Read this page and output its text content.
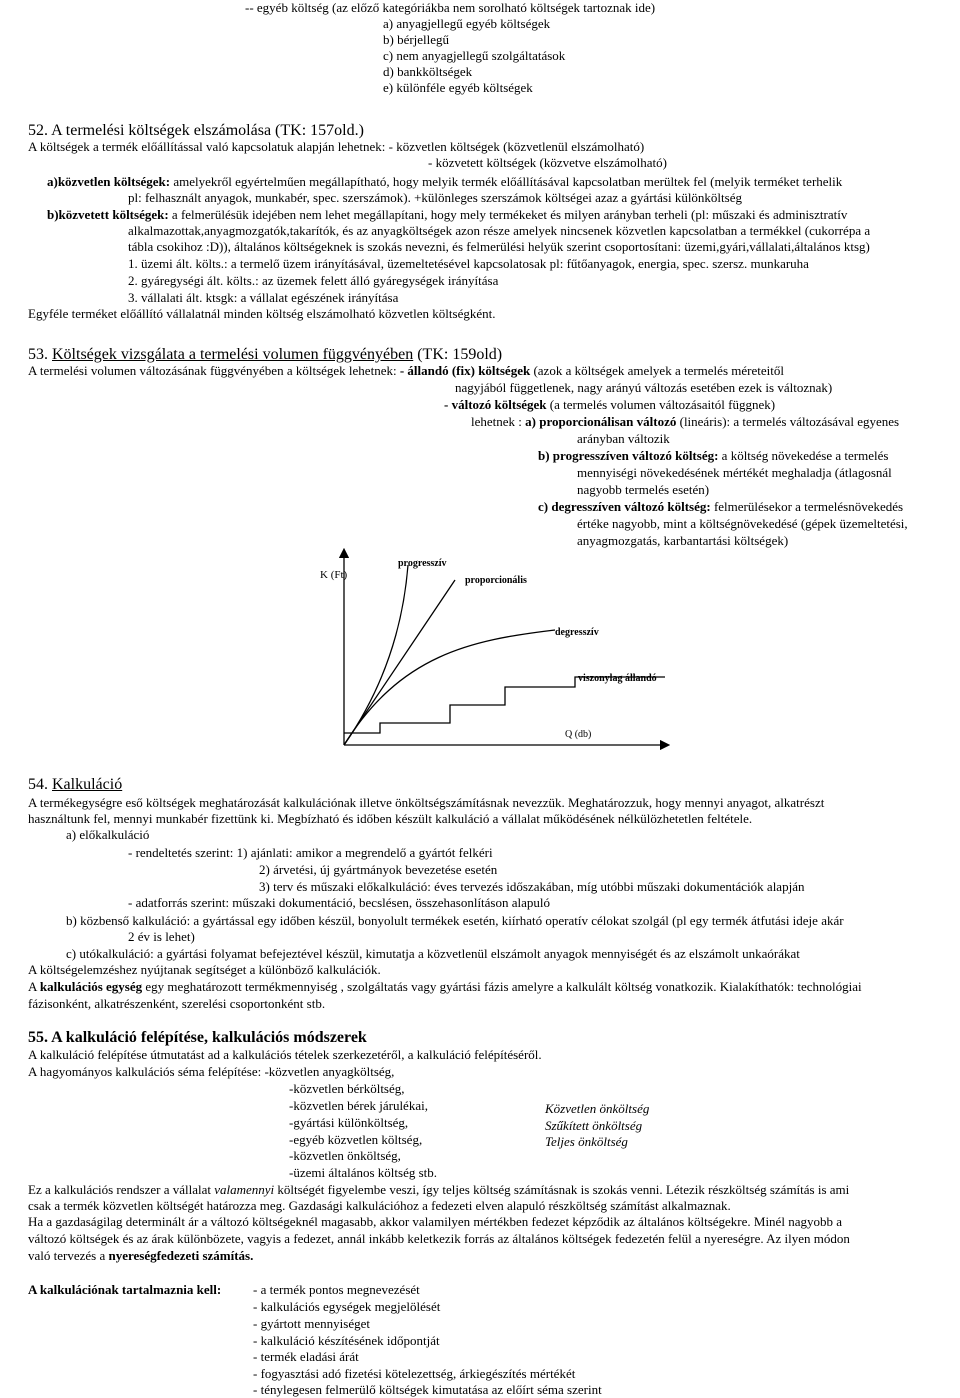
-- egyéb költség (az előző kategóriákba nem sorolható költségek tartoznak ide)
a) anyagjellegű egyéb költségek
b) bérjellegű
c) nem anyagjellegű szolgáltatások
d) bankköltségek
e) különféle egyéb költségek
52. A termelési költségek elszámolása (TK: 157old.)
A költségek a termék előállítással való kapcsolatuk alapján lehetnek: - közvetlen költségek (közvetlenül elszámolható)
- közvetett költségek (közvetve elszámolható)
a)közvetlen költségek: amelyekről egyértelműen megállapítható, hogy melyik termék előállításával kapcsolatban merültek fel (melyik terméket terhelik
pl: felhasznált anyagok, munkabér, spec. szerszámok). +különleges szerszámok költségei azaz a gyártási különköltség
b)közvetett költségek: a felmerülésük idejében nem lehet megállapítani, hogy mely termékeket és milyen arányban terheli (pl: műszaki és adminisztratív
alkalmazottak,anyagmozgatók,takarítók, és az anyagköltségek azon része amelyek nincsenek közvetlen kapcsolatban a termékkel (cukorrépa a
tábla csokihoz :D)), általános költségeknek is szokás nevezni, és felmerülési helyük szerint csoportosítani: üzemi,gyári,vállalati,általános ktsg)
1. üzemi ált. költs.: a termelő üzem irányításával, üzemeltetésével kapcsolatosak pl: fűtőanyagok, energia, spec. szersz. munkaruha
2. gyáregységi ált. költs.: az üzemek felett álló gyáregységek irányítása
3. vállalati ált. ktsgk: a vállalat egészének irányítása
Egyféle terméket előállító vállalatnál minden költség elszámolható közvetlen költségként.
53. Költségek vizsgálata a termelési volumen függvényében (TK: 159old)
A termelési volumen változásának függvényében a költségek lehetnek: - állandó (fix) költségek (azok a költségek amelyek a termelés méreteitől
nagyjából függetlenek, nagy arányú változás esetében ezek is változnak)
- változó költségek (a termelés volumen változásaitól függnek)
lehetnek : a) proporcionálisan változó (lineáris): a termelés változásával egyenes
arányban változik
b) progresszíven változó költség: a költség növekedése a termelés
mennyiségi növekedésének mértékét meghaladja (átlagosnál
nagyobb termelés esetén)
c) degresszíven változó költség: felmerülésekor a termelésnövekedés
értéke nagyobb, mint a költségnövekedésé (gépek üzemeltetési,
anyagmozgatás, karbantartási költségek)
K (Ft)
Q (db)
progresszív
proporcionális
degresszív
viszonylag állandó
54. Kalkuláció
A termékegységre eső költségek meghatározását kalkulációnak illetve önköltségszámításnak nevezzük. Meghatározzuk, hogy mennyi anyagot, alkatrészt
használtunk fel, mennyi munkabér fizettünk ki. Megbízható és időben készült kalkuláció a vállalat működésének nélkülözhetetlen feltétele.
a) előkalkuláció
- rendeltetés szerint: 1) ajánlati: amikor a megrendelő a gyártót felkéri
2) árvetési, új gyártmányok bevezetése esetén
3) terv és műszaki előkalkuláció: éves tervezés időszakában, míg utóbbi műszaki dokumentációk alapján
- adatforrás szerint: műszaki dokumentáció, becslésen, összehasonlításon alapuló
b) közbenső kalkuláció: a gyártással egy időben készül, bonyolult termékek esetén, kiírható operatív célokat szolgál (pl egy termék átfutási ideje akár
2 év is lehet)
c) utókalkuláció: a gyártási folyamat befejeztével készül, kimutatja a közvetlenül elszámolt anyagok mennyiségét és az elszámolt unkaórákat
A költségelemzéshez nyújtanak segítséget a különböző kalkulációk.
A kalkulációs egység egy meghatározott termékmennyiség , szolgáltatás vagy gyártási fázis amelyre a kalkulált költség vonatkozik. Kialakíthatók: technológiai
fázisonként, alkatrészenként, szerelési csoportonként stb.
55. A kalkuláció felépítése, kalkulációs módszerek
A kalkuláció felépítése útmutatást ad a kalkulációs tételek szerkezetéről, a kalkuláció felépítéséről.
A hagyományos kalkulációs séma felépítése: -közvetlen anyagköltség,
-közvetlen bérköltség,
-közvetlen bérek járulékai,
-gyártási különköltség,
-egyéb közvetlen költség,
-közvetlen önköltség,
-üzemi általános költség stb.
Közvetlen önköltség
Szűkített önköltség
Teljes önköltség
Ez a kalkulációs rendszer a vállalat valamennyi költségét figyelembe veszi, így teljes költség számításnak is szokás venni. Létezik részköltség számítás is ami
csak a termék közvetlen költségét határozza meg. Gazdasági kalkulációhoz a fedezeti elven alapuló részköltség számítást alkalmaznak.
Ha a gazdaságilag determinált ár a változó költségeknél magasabb, akkor valamilyen mértékben fedezet képződik az általános költségekre. Minél nagyobb a
változó költségek és az árak különbözete, vagyis a fedezet, annál inkább keletkezik forrás az általános költségek fedezetén felül a nyereségre. Az ilyen módon
való tervezés a nyereségfedezeti számítás.
A kalkulációnak tartalmaznia kell: - a termék pontos megnevezését
- kalkulációs egységek megjelölését
- gyártott mennyiséget
- kalkuláció készítésének időpontját
- termék eladási árát
- fogyasztási adó fizetési kötelezettség, árkiegészítés mértékét
- ténylegesen felmerülő költségek kimutatása az előírt séma szerint
